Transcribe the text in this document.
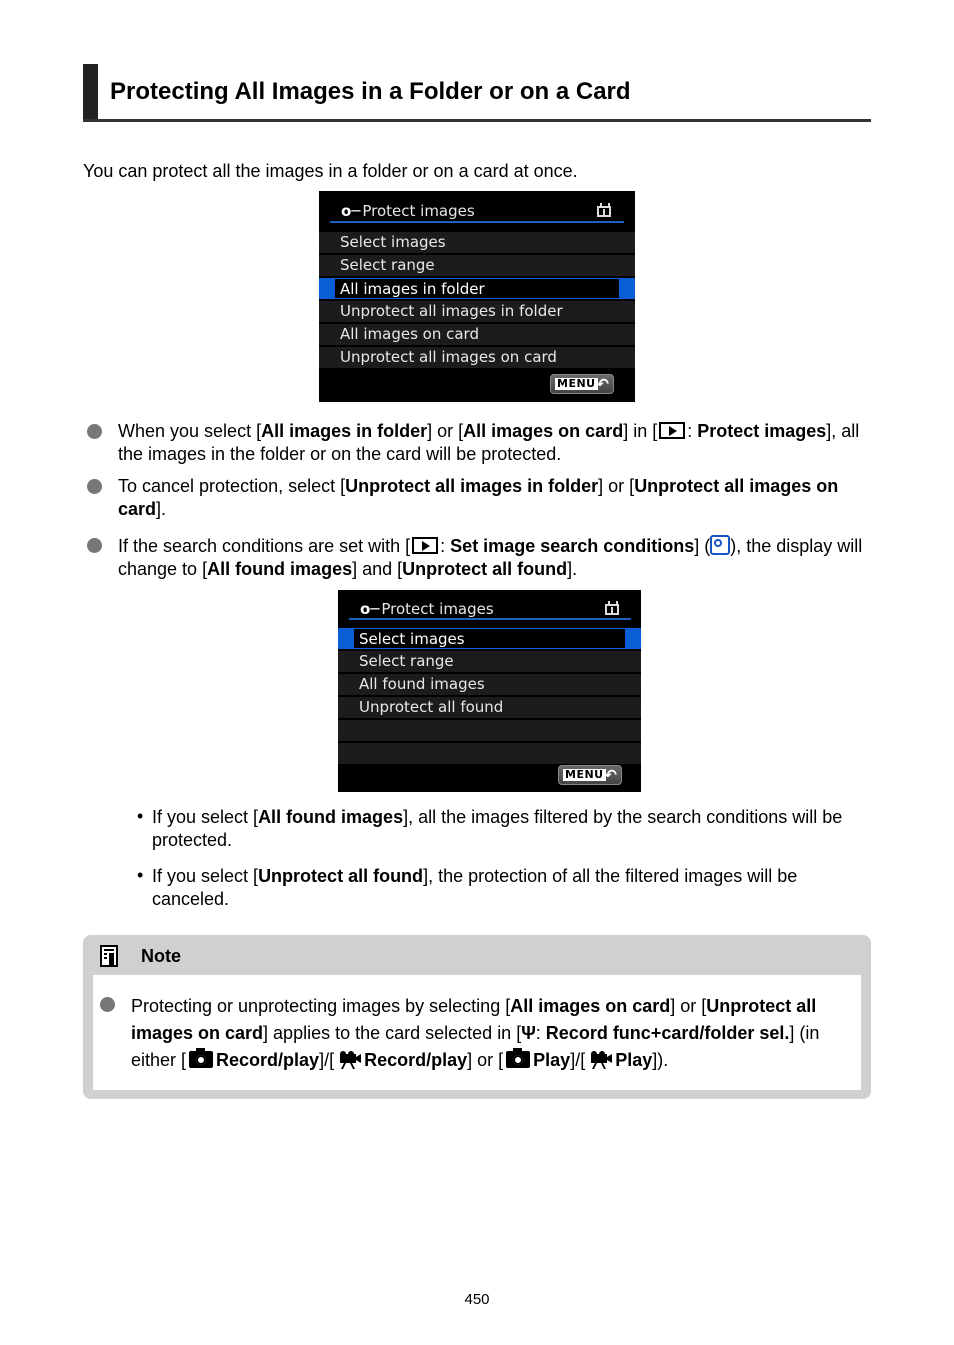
Protecting All Images in a Folder or on a Card
You can protect all the images in a folder or on a card at once.
o─ Protect images
Select images
Select range
All images in folder
Unprotect all images in folder
All images on card
Unprotect all images on card
MENU ↶
When you select [All images in folder] or [All images on card] in [ : Protect images], all the images in the folder or on the card will be protected.
To cancel protection, select [Unprotect all images in folder] or [Unprotect all images on card].
If the search conditions are set with [ : Set image search conditions] ( ), the display will change to [All found images] and [Unprotect all found].
o─ Protect images
Select images
Select range
All found images
Unprotect all found
MENU ↶
• If you select [All found images], all the images filtered by the search conditions will be protected.
• If you select [Unprotect all found], the protection of all the filtered images will be canceled.
Note
Protecting or unprotecting images by selecting [All images on card] or [Unprotect all images on card] applies to the card selected in [Ψ: Record func+card/folder sel.] (in either [ Record/play]/[ Record/play] or [ Play]/[ Play]).
450
